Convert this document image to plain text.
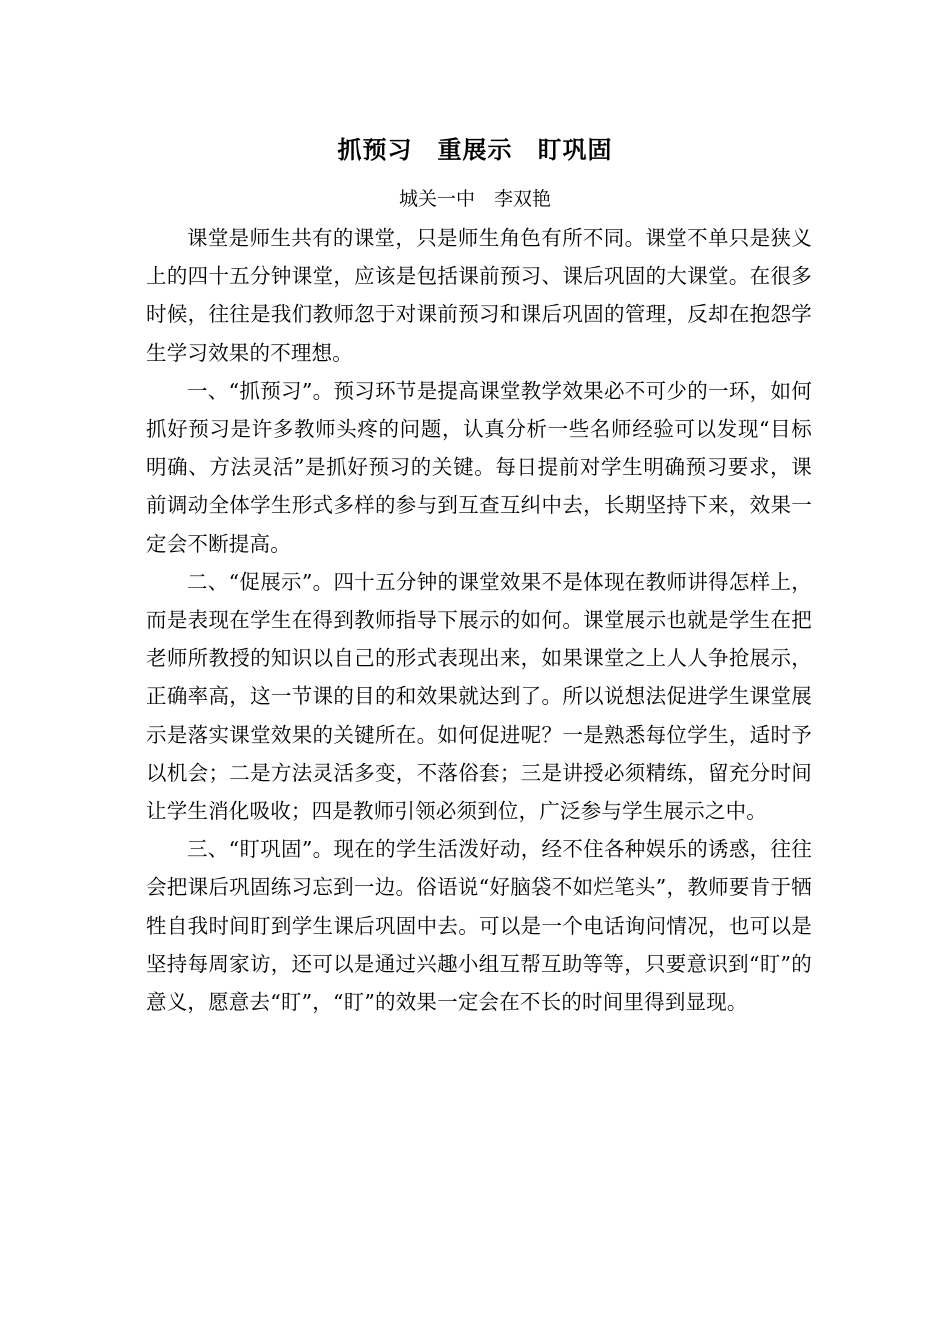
抓预习　重展示　盯巩固
城关一中　李双艳

课堂是师生共有的课堂，只是师生角色有所不同。课堂不单只是狭义上的四十五分钟课堂，应该是包括课前预习、课后巩固的大课堂。在很多时候，往往是我们教师忽于对课前预习和课后巩固的管理，反却在抱怨学生学习效果的不理想。

一、“抓预习”。预习环节是提高课堂教学效果必不可少的一环，如何抓好预习是许多教师头疼的问题，认真分析一些名师经验可以发现“目标明确、方法灵活”是抓好预习的关键。每日提前对学生明确预习要求，课前调动全体学生形式多样的参与到互查互纠中去，长期坚持下来，效果一定会不断提高。

二、“促展示”。四十五分钟的课堂效果不是体现在教师讲得怎样上，而是表现在学生在得到教师指导下展示的如何。课堂展示也就是学生在把老师所教授的知识以自己的形式表现出来，如果课堂之上人人争抢展示，正确率高，这一节课的目的和效果就达到了。所以说想法促进学生课堂展示是落实课堂效果的关键所在。如何促进呢？一是熟悉每位学生，适时予以机会；二是方法灵活多变，不落俗套；三是讲授必须精练，留充分时间让学生消化吸收；四是教师引领必须到位，广泛参与学生展示之中。

三、“盯巩固”。现在的学生活泼好动，经不住各种娱乐的诱惑，往往会把课后巩固练习忘到一边。俗语说“好脑袋不如烂笔头”，教师要肯于牺牲自我时间盯到学生课后巩固中去。可以是一个电话询问情况，也可以是坚持每周家访，还可以是通过兴趣小组互帮互助等等，只要意识到“盯”的意义，愿意去“盯”，“盯”的效果一定会在不长的时间里得到显现。
